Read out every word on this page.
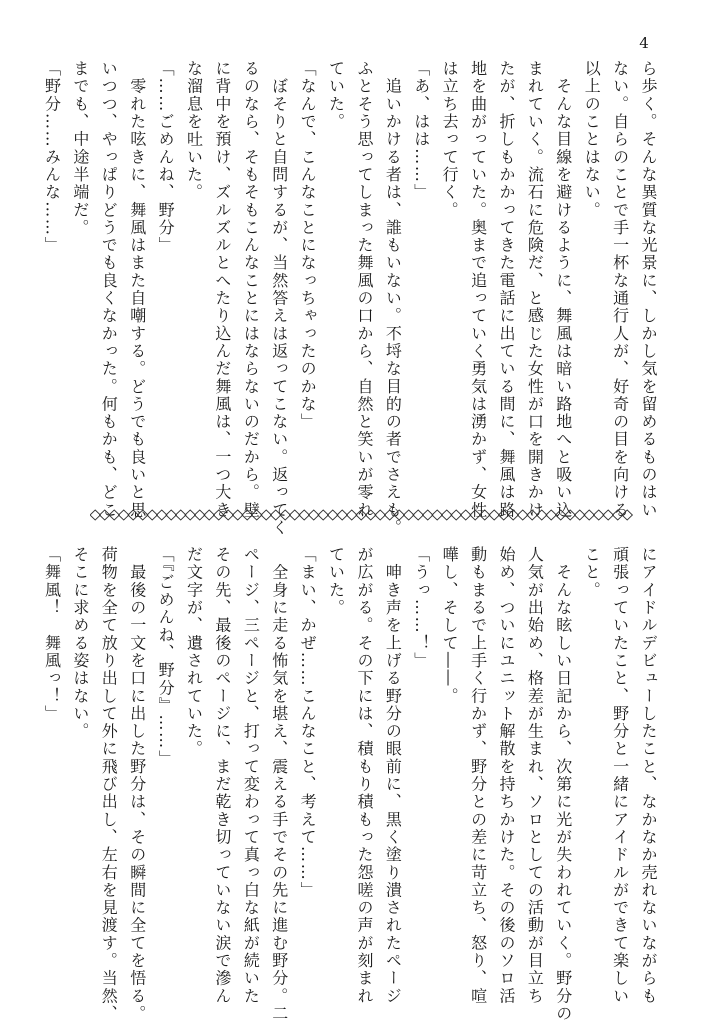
4
ら歩く。そんな異質な光景に、しかし気を留めるものはい
ない。自らのことで手一杯な通行人が、好奇の目を向ける
以上のことはない。
　そんな目線を避けるように、舞風は暗い路地へと吸い込
まれていく。流石に危険だ、と感じた女性が口を開きかけ
たが、折しもかかってきた電話に出ている間に、舞風は路
地を曲がっていた。奥まで追っていく勇気は湧かず、女性
は立ち去って行く。
「あ、はは……」
　追いかける者は、誰もいない。不埒な目的の者でさえも。
ふとそう思ってしまった舞風の口から、自然と笑いが零れ
ていた。
「なんで、こんなことになっちゃったのかな」
　ぼそりと自問するが、当然答えは返ってこない。返ってく
るのなら、そもそもこんなことにはならないのだから。壁
に背中を預け、ズルズルとへたり込んだ舞風は、一つ大き
な溜息を吐いた。
「……ごめんね、野分」
　零れた呟きに、舞風はまた自嘲する。どうでも良いと思
いつつ、やっぱりどうでも良くなかった。何もかも、どこ
までも、中途半端だ。
「野分……みんな……」
にアイドルデビューしたこと、なかなか売れないながらも
頑張っていたこと、野分と一緒にアイドルができて楽しい
こと。
　そんな眩しい日記から、次第に光が失われていく。野分の
人気が出始め、格差が生まれ、ソロとしての活動が目立ち
始め、ついにユニット解散を持ちかけた。その後のソロ活
動もまるで上手く行かず、野分との差に苛立ち、怒り、喧
嘩し、そして――。
「うっ……！」
　呻き声を上げる野分の眼前に、黒く塗り潰されたページ
が広がる。その下には、積もり積もった怨嗟の声が刻まれ
ていた。
「まい、かぜ……こんなこと、考えて……」
　全身に走る怖気を堪え、震える手でその先に進む野分。二
ページ、三ページと、打って変わって真っ白な紙が続いた
その先、最後のページに、まだ乾き切っていない涙で滲ん
だ文字が、遺されていた。
「『ごめんね、野分』……」
　最後の一文を口に出した野分は、その瞬間に全てを悟る。
荷物を全て放り出して外に飛び出し、左右を見渡す。当然、
そこに求める姿はない。
「舞風！　舞風っ！」
